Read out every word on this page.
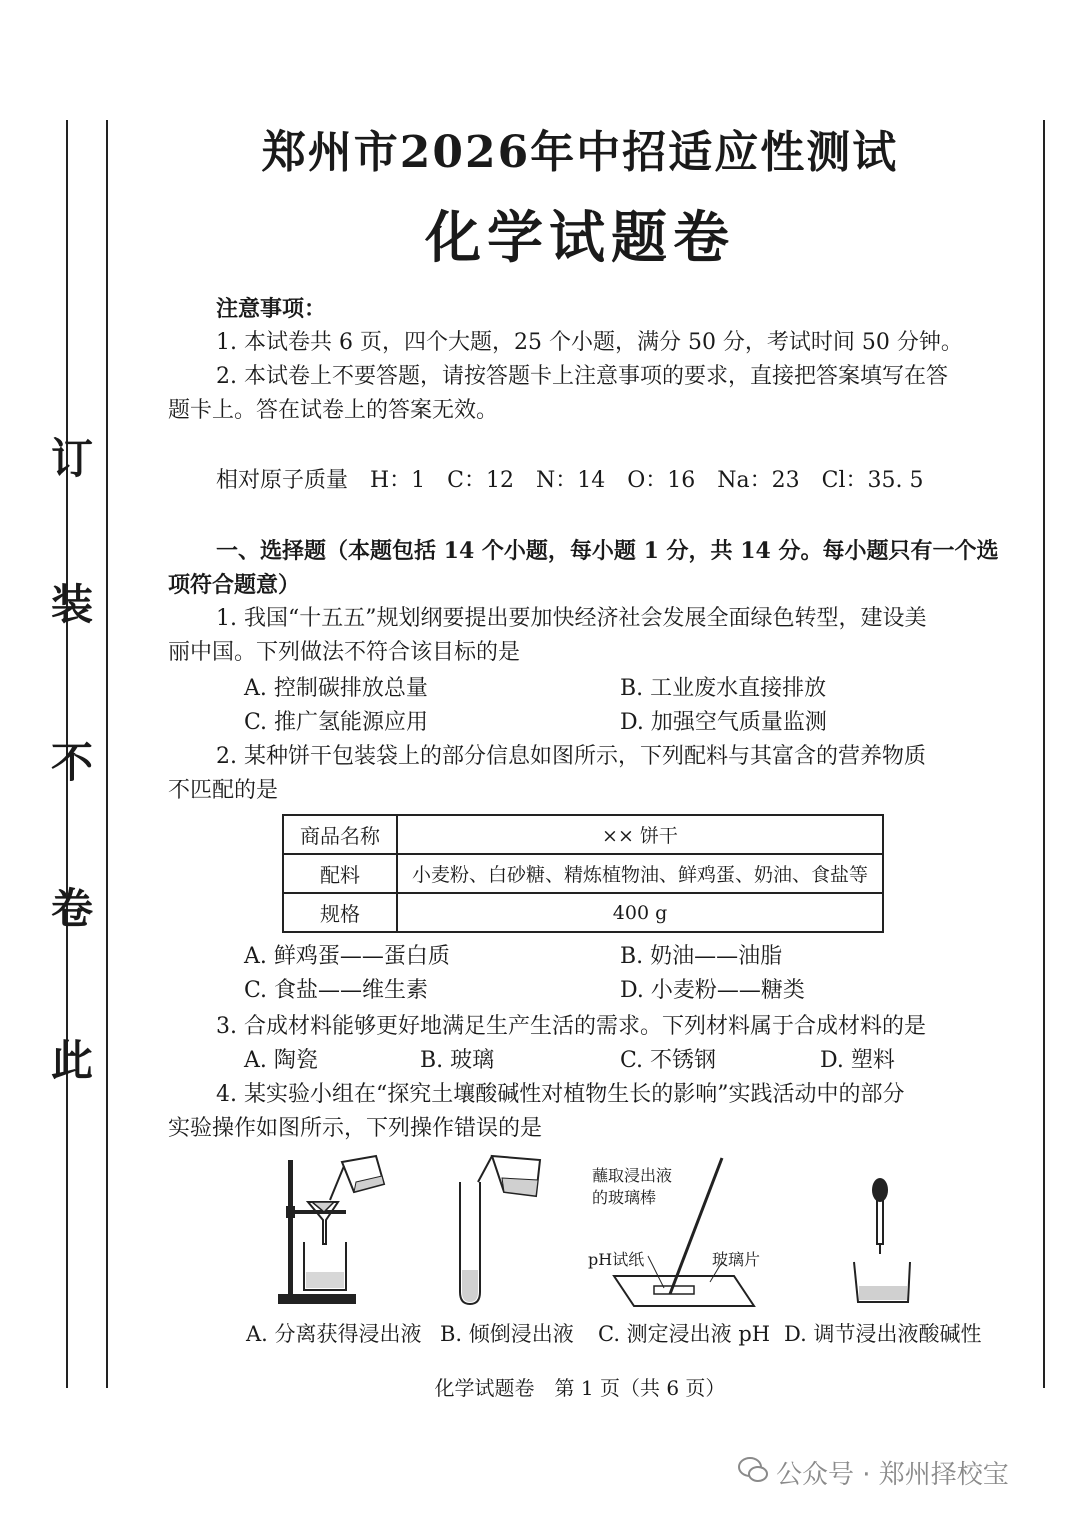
订
装
不
卷
此
郑州市2026年中招适应性测试
化学试题卷
注意事项：
1. 本试卷共 6 页，四个大题，25 个小题，满分 50 分，考试时间 50 分钟。
2. 本试卷上不要答题，请按答题卡上注意事项的要求，直接把答案填写在答
题卡上。答在试卷上的答案无效。
相对原子质量　H：1　C：12　N：14　O：16　Na：23　Cl：35. 5
一、选择题（本题包括 14 个小题，每小题 1 分，共 14 分。每小题只有一个选
项符合题意）
1. 我国“十五五”规划纲要提出要加快经济社会发展全面绿色转型，建设美
丽中国。下列做法不符合该目标的是
A. 控制碳排放总量	B. 工业废水直接排放
C. 推广氢能源应用	D. 加强空气质量监测
2. 某种饼干包装袋上的部分信息如图所示，下列配料与其富含的营养物质
不匹配的是
商品名称	×× 饼干
配料	小麦粉、白砂糖、精炼植物油、鲜鸡蛋、奶油、食盐等
规格	400 g
A. 鲜鸡蛋——蛋白质	B. 奶油——油脂
C. 食盐——维生素	D. 小麦粉——糖类
3. 合成材料能够更好地满足生产生活的需求。下列材料属于合成材料的是
A. 陶瓷	B. 玻璃	C. 不锈钢	D. 塑料
4. 某实验小组在“探究土壤酸碱性对植物生长的影响”实践活动中的部分
实验操作如图所示，下列操作错误的是
蘸取浸出液
的玻璃棒
pH试纸	玻璃片
A. 分离获得浸出液 B. 倾倒浸出液 C. 测定浸出液 pH D. 调节浸出液酸碱性
化学试题卷　第 1 页（共 6 页）
公众号 · 郑州择校宝
